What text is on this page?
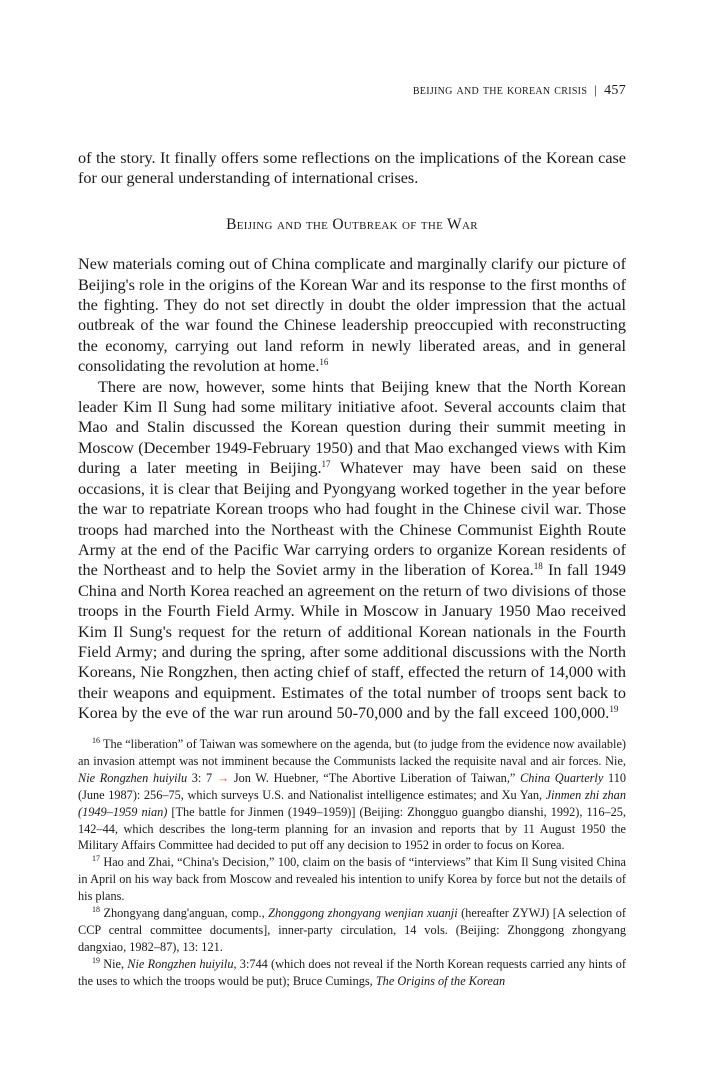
beijing and the korean crisis | 457

of the story. It finally offers some reflections on the implications of the Korean case for our general understanding of international crises.

Beijing and the Outbreak of the War

New materials coming out of China complicate and marginally clarify our picture of Beijing's role in the origins of the Korean War and its response to the first months of the fighting. They do not set directly in doubt the older impression that the actual outbreak of the war found the Chinese leadership preoccupied with reconstructing the economy, carrying out land reform in newly liberated areas, and in general consolidating the revolution at home.$^{16}$

There are now, however, some hints that Beijing knew that the North Korean leader Kim Il Sung had some military initiative afoot. Several accounts claim that Mao and Stalin discussed the Korean question during their summit meeting in Moscow (December 1949-February 1950) and that Mao exchanged views with Kim during a later meeting in Beijing.$^{17}$ Whatever may have been said on these occasions, it is clear that Beijing and Pyongyang worked together in the year before the war to repatriate Korean troops who had fought in the Chinese civil war. Those troops had marched into the Northeast with the Chinese Communist Eighth Route Army at the end of the Pacific War carrying orders to organize Korean residents of the Northeast and to help the Soviet army in the liberation of Korea.$^{18}$ In fall 1949 China and North Korea reached an agreement on the return of two divisions of those troops in the Fourth Field Army. While in Moscow in January 1950 Mao received Kim Il Sung's request for the return of additional Korean nationals in the Fourth Field Army; and during the spring, after some additional discussions with the North Koreans, Nie Rongzhen, then acting chief of staff, effected the return of 14,000 with their weapons and equipment. Estimates of the total number of troops sent back to Korea by the eve of the war run around 50-70,000 and by the fall exceed 100,000.19

$^{16}$ The “liberation” of Taiwan was somewhere on the agenda, but (to judge from the evidence now available) an invasion attempt was not imminent because the Communists lacked the requisite naval and air forces. Nie, Nie Rongzhen huiyilu 3: 7 → Jon W. Huebner, “The Abortive Liberation of Taiwan,” China Quarterly 110 (June 1987): 256–75, which surveys U.S. and Nationalist intelligence estimates; and Xu Yan, Jinmen zhi zhan (1949–1959 nian) [The battle for Jinmen (1949–1959)] (Beijing: Zhongguo guangbo dianshi, 1992), 116–25, 142–44, which describes the long-term planning for an invasion and reports that by 11 August 1950 the Military Affairs Committee had decided to put off any decision to 1952 in order to focus on Korea.

$^{17}$ Hao and Zhai, “China's Decision,” 100, claim on the basis of “interviews” that Kim Il Sung visited China in April on his way back from Moscow and revealed his intention to unify Korea by force but not the details of his plans.

$^{18}$ Zhongyang dang'anguan, comp., Zhonggong zhongyang wenjian xuanji (hereafter ZYWJ) [A selection of CCP central committee documents], inner-party circulation, 14 vols. (Beijing: Zhonggong zhongyang dangxiao, 1982–87), 13: 121.

$^{19}$ Nie, Nie Rongzhen huiyilu, 3:744 (which does not reveal if the North Korean requests carried any hints of the uses to which the troops would be put); Bruce Cumings, The Origins of the Korean
